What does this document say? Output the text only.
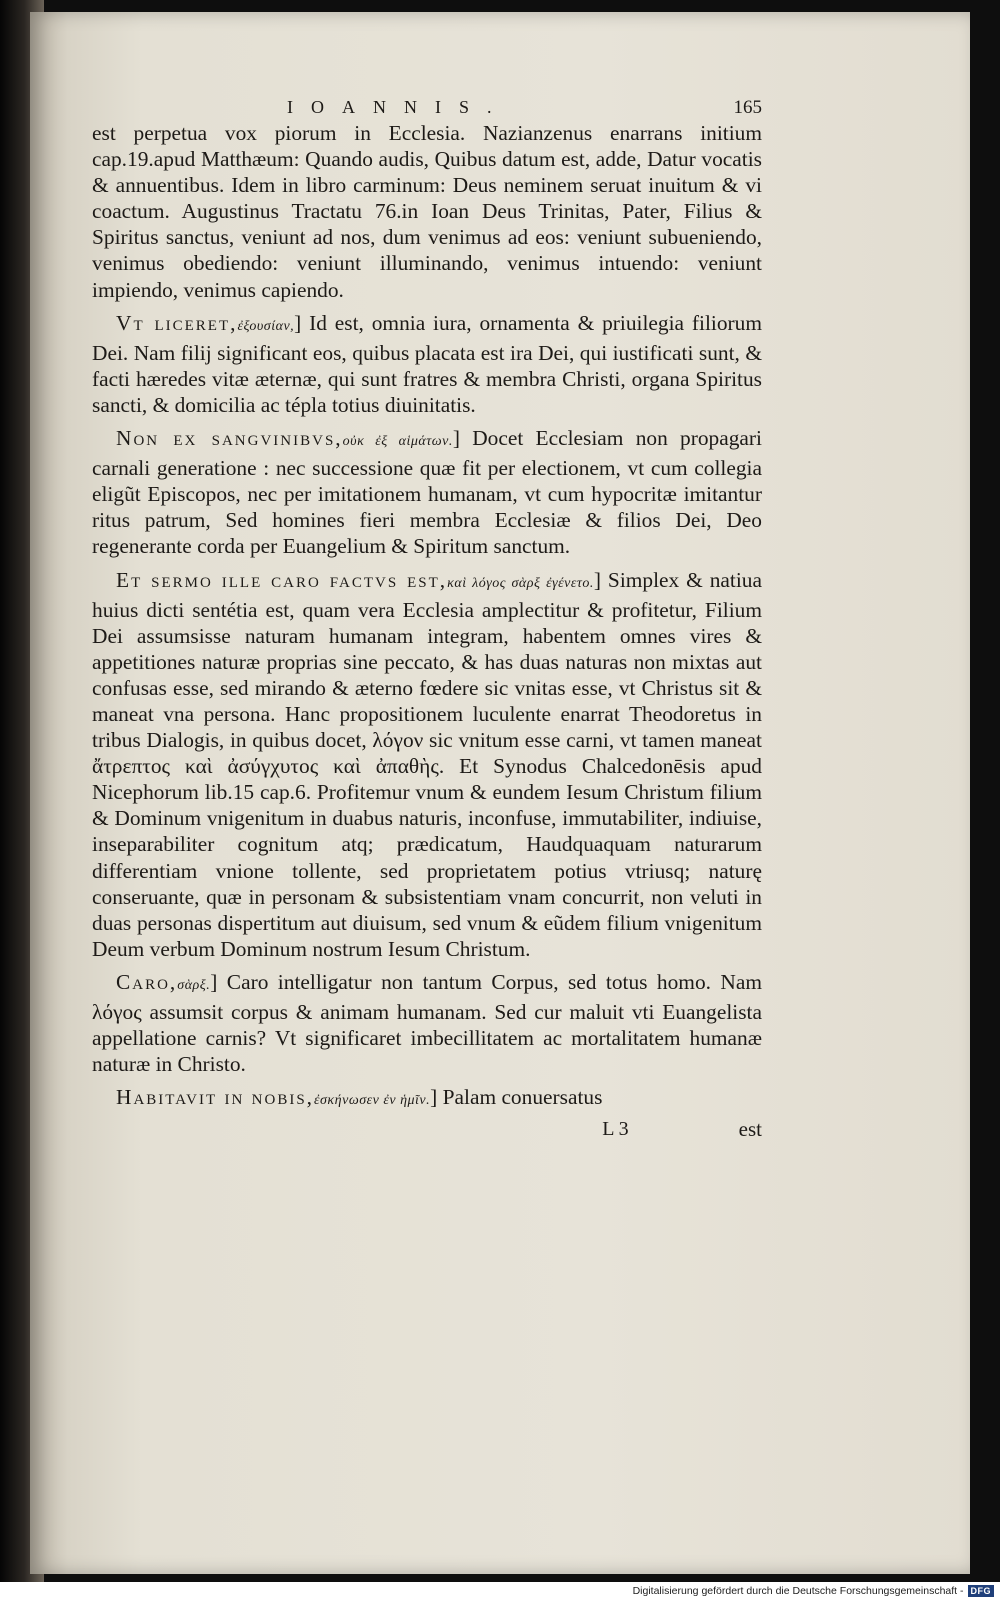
IOANNIS.	165

est perpetua vox piorum in Ecclesia. Nazianzenus enarrans initium cap.19.apud Matthæum: Quando audis, Quibus datum est, adde, Datur vocatis & annuentibus. Idem in libro carminum: Deus neminem seruat inuitum & vi coactum. Augustinus Tractatu 76.in Ioan Deus Trinitas, Pater, Filius & Spiritus sanctus, veniunt ad nos, dum venimus ad eos: veniunt subueniendo, venimus obediendo: veniunt illuminando, venimus intuendo: veniunt impiendo, venimus capiendo.

Vt liceret,ἐξουσίαν,] Id est, omnia iura, ornamenta & priuilegia filiorum Dei. Nam filij significant eos, quibus placata est ira Dei, qui iustificati sunt, & facti hæredes vitæ æternæ, qui sunt fratres & membra Christi, organa Spiritus sancti, & domicilia ac tépla totius diuinitatis.

Non ex sangvinibvs,οὐκ ἐξ αἱμάτων.] Docet Ecclesiam non propagari carnali generatione : nec successione quæ fit per electionem, vt cum collegia eligũt Episcopos, nec per imitationem humanam, vt cum hypocritæ imitantur ritus patrum, Sed homines fieri membra Ecclesiæ & filios Dei, Deo regenerante corda per Euangelium & Spiritum sanctum.

Et sermo ille caro factvs est,καὶ λόγος σὰρξ ἐγένετο.] Simplex & natiua huius dicti sentétia est, quam vera Ecclesia amplectitur & profitetur, Filium Dei assumsisse naturam humanam integram, habentem omnes vires & appetitiones naturæ proprias sine peccato, & has duas naturas non mixtas aut confusas esse, sed mirando & æterno fœdere sic vnitas esse, vt Christus sit & maneat vna persona. Hanc propositionem luculente enarrat Theodoretus in tribus Dialogis, in quibus docet, λόγον sic vnitum esse carni, vt tamen maneat ἄτρεπτος καὶ ἀσύγχυτος καὶ ἀπαθὴς. Et Synodus Chalcedonēsis apud Nicephorum lib.15 cap.6. Profitemur vnum & eundem Iesum Christum filium & Dominum vnigenitum in duabus naturis, inconfuse, immutabiliter, indiuise, inseparabiliter cognitum atq; prædicatum, Haudquaquam naturarum differentiam vnione tollente, sed proprietatem potius vtriusq; naturę conseruante, quæ in personam & subsistentiam vnam concurrit, non veluti in duas personas dispertitum aut diuisum, sed vnum & eũdem filium vnigenitum Deum verbum Dominum nostrum Iesum Christum.

Caro,σὰρξ.] Caro intelligatur non tantum Corpus, sed totus homo. Nam λόγος assumsit corpus & animam humanam. Sed cur maluit vti Euangelista appellatione carnis? Vt significaret imbecillitatem ac mortalitatem humanæ naturæ in Christo.

Habitavit in nobis,ἐσκήνωσεν ἐν ἡμῖν.] Palam conuersatus

L 3	est
Digitalisierung gefördert durch die Deutsche Forschungsgemeinschaft - DFG
